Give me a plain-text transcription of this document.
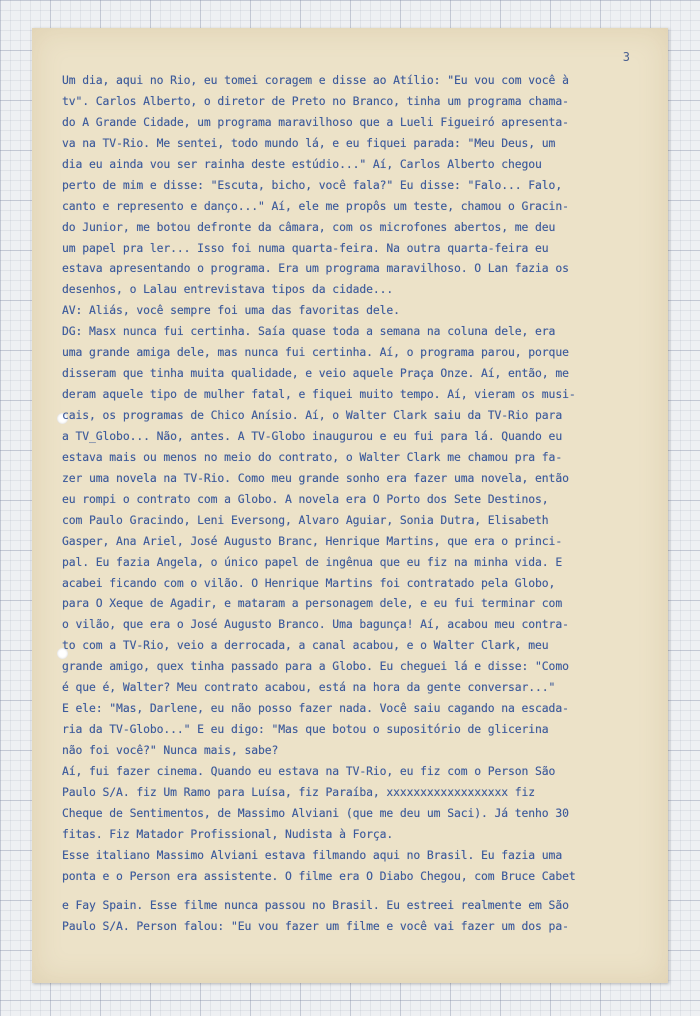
3
Um dia, aqui no Rio, eu tomei coragem e disse ao Atílio: "Eu vou com você à
tv". Carlos Alberto, o diretor de Preto no Branco, tinha um programa chama-
do A Grande Cidade, um programa maravilhoso que a Lueli Figueiró apresenta-
va na TV-Rio. Me sentei, todo mundo lá, e eu fiquei parada: "Meu Deus, um
dia eu ainda vou ser rainha deste estúdio..." Aí, Carlos Alberto chegou
perto de mim e disse: "Escuta, bicho, você fala?" Eu disse: "Falo... Falo,
canto e represento e danço..." Aí, ele me propôs um teste, chamou o Gracin-
do Junior, me botou defronte da câmara, com os microfones abertos, me deu
um papel pra ler... Isso foi numa quarta-feira. Na outra quarta-feira eu
estava apresentando o programa. Era um programa maravilhoso. O Lan fazia os
desenhos, o Lalau entrevistava tipos da cidade...
AV: Aliás, você sempre foi uma das favoritas dele.
DG: Masx nunca fui certinha. Saía quase toda a semana na coluna dele, era
uma grande amiga dele, mas nunca fui certinha. Aí, o programa parou, porque
disseram que tinha muita qualidade, e veio aquele Praça Onze. Aí, então, me
deram aquele tipo de mulher fatal, e fiquei muito tempo. Aí, vieram os musi-
cais, os programas de Chico Anísio. Aí, o Walter Clark saiu da TV-Rio para
a TV_Globo... Não, antes. A TV-Globo inaugurou e eu fui para lá. Quando eu
estava mais ou menos no meio do contrato, o Walter Clark me chamou pra fa-
zer uma novela na TV-Rio. Como meu grande sonho era fazer uma novela, então
eu rompi o contrato com a Globo. A novela era O Porto dos Sete Destinos,
com Paulo Gracindo, Leni Eversong, Alvaro Aguiar, Sonia Dutra, Elisabeth
Gasper, Ana Ariel, José Augusto Branc, Henrique Martins, que era o princi-
pal. Eu fazia Angela, o único papel de ingênua que eu fiz na minha vida. E
acabei ficando com o vilão. O Henrique Martins foi contratado pela Globo,
para O Xeque de Agadir, e mataram a personagem dele, e eu fui terminar com
o vilão, que era o José Augusto Branco. Uma bagunça! Aí, acabou meu contra-
to com a TV-Rio, veio a derrocada, a canal acabou, e o Walter Clark, meu
grande amigo, quex tinha passado para a Globo. Eu cheguei lá e disse: "Como
é que é, Walter? Meu contrato acabou, está na hora da gente conversar..."
E ele: "Mas, Darlene, eu não posso fazer nada. Você saiu cagando na escada-
ria da TV-Globo..." E eu digo: "Mas que botou o supositório de glicerina
não foi você?" Nunca mais, sabe?
Aí, fui fazer cinema. Quando eu estava na TV-Rio, eu fiz com o Person São
Paulo S/A. fiz Um Ramo para Luísa, fiz Paraíba, xxxxxxxxxxxxxxxxxx fiz
Cheque de Sentimentos, de Massimo Alviani (que me deu um Saci). Já tenho 30
fitas. Fiz Matador Profissional, Nudista à Força.
Esse italiano Massimo Alviani estava filmando aqui no Brasil. Eu fazia uma
ponta e o Person era assistente. O filme era O Diabo Chegou, com Bruce Cabet
e Fay Spain. Esse filme nunca passou no Brasil. Eu estreei realmente em São
Paulo S/A. Person falou: "Eu vou fazer um filme e você vai fazer um dos pa-
